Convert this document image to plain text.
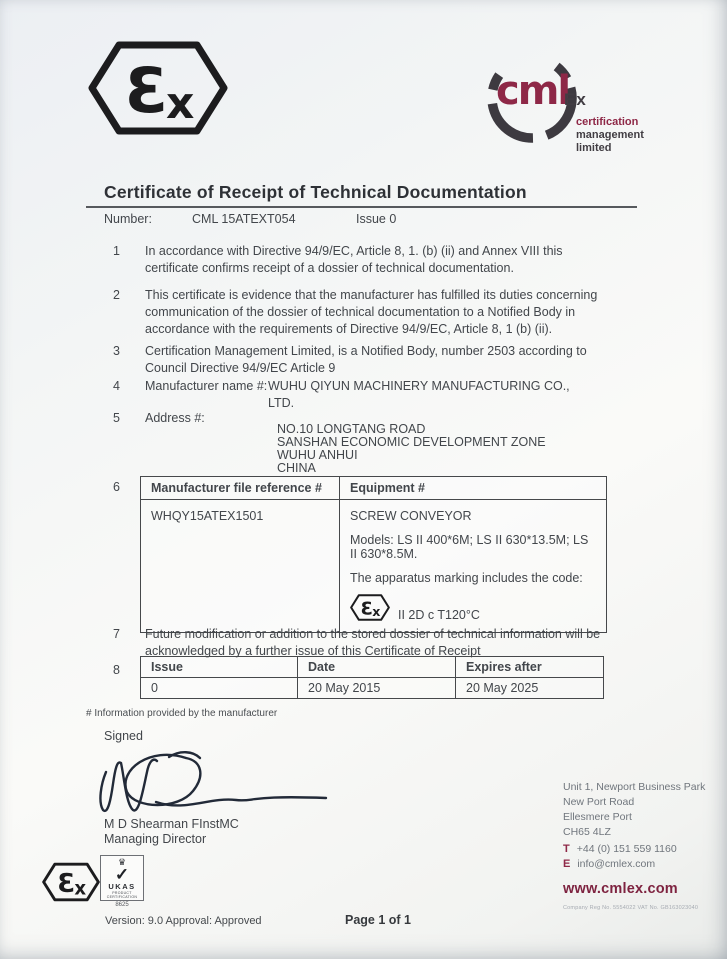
cml
Ex
certification
management
limited
Certificate of Receipt of Technical Documentation
Number:	CML 15ATEXT054	Issue 0
1 In accordance with Directive 94/9/EC, Article 8, 1. (b) (ii) and Annex VIII this certificate confirms receipt of a dossier of technical documentation.

2 This certificate is evidence that the manufacturer has fulfilled its duties concerning communication of the dossier of technical documentation to a Notified Body in accordance with the requirements of Directive 94/9/EC, Article 8, 1 (b) (ii).

3 Certification Management Limited, is a Notified Body, number 2503 according to Council Directive 94/9/EC Article 9

4 Manufacturer name #: WUHU QIYUN MACHINERY MANUFACTURING CO.,
LTD.
5 Address #:
NO.10 LONGTANG ROAD
SANSHAN ECONOMIC DEVELOPMENT ZONE
WUHU ANHUI
CHINA
6 Manufacturer file reference #	Equipment #
WHQY15ATEX1501	SCREW CONVEYOR
Models: LS II 400*6M; LS II 630*13.5M; LS II 630*8.5M.
The apparatus marking includes the code:
II 2D c T120°C
7 Future modification or addition to the stored dossier of technical information will be acknowledged by a further issue of this Certificate of Receipt

8 Issue	Date	Expires after
0	20 May 2015	20 May 2025
# Information provided by the manufacturer
Signed
M D Shearman FInstMC
Managing Director
♛
✓
UKAS
PRODUCT CERTIFICATION
8625
Version: 9.0 Approval: Approved	Page 1 of 1
Unit 1, Newport Business Park
New Port Road
Ellesmere Port
CH65 4LZ
T +44 (0) 151 559 1160
E info@cmlex.com
www.cmlex.com
Company Reg No. 5554022 VAT No. GB163023040
